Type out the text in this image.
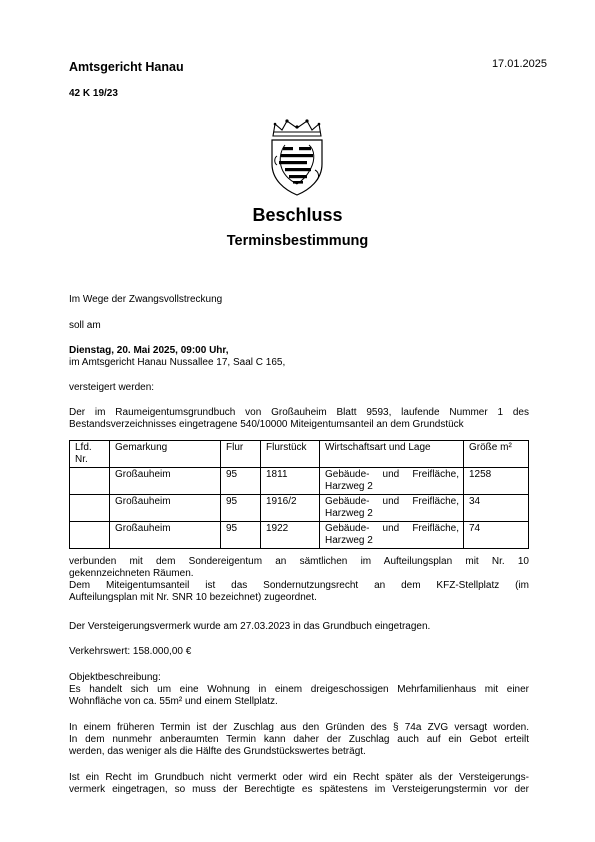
Amtsgericht Hanau	17.01.2025
42 K 19/23
Beschluss
Terminsbestimmung
Im Wege der Zwangsvollstreckung
soll am
Dienstag, 20. Mai 2025, 09:00 Uhr,
im Amtsgericht Hanau Nussallee 17, Saal C 165,
versteigert werden:
Der im Raumeigentumsgrundbuch von Großauheim Blatt 9593, laufende Nummer 1 des
Bestandsverzeichnisses eingetragene 540/10000 Miteigentumsanteil an dem Grundstück
Lfd. Nr.	Gemarkung	Flur	Flurstück	Wirtschaftsart und Lage	Größe m²
	Großauheim	95	1811	Gebäude- und Freifläche,
Harzweg 2	1258
	Großauheim	95	1916/2	Gebäude- und Freifläche,
Harzweg 2	34
	Großauheim	95	1922	Gebäude- und Freifläche,
Harzweg 2	74
verbunden mit dem Sondereigentum an sämtlichen im Aufteilungsplan mit Nr. 10
gekennzeichneten Räumen.
Dem Miteigentumsanteil ist das Sondernutzungsrecht an dem KFZ-Stellplatz (im
Aufteilungsplan mit Nr. SNR 10 bezeichnet) zugeordnet.
Der Versteigerungsvermerk wurde am 27.03.2023 in das Grundbuch eingetragen.
Verkehrswert: 158.000,00 €
Objektbeschreibung:
Es handelt sich um eine Wohnung in einem dreigeschossigen Mehrfamilienhaus mit einer
Wohnfläche von ca. 55m² und einem Stellplatz.
In einem früheren Termin ist der Zuschlag aus den Gründen des § 74a ZVG versagt worden.
In dem nunmehr anberaumten Termin kann daher der Zuschlag auch auf ein Gebot erteilt
werden, das weniger als die Hälfte des Grundstückswertes beträgt.
Ist ein Recht im Grundbuch nicht vermerkt oder wird ein Recht später als der Versteigerungs-
vermerk eingetragen, so muss der Berechtigte es spätestens im Versteigerungstermin vor der
